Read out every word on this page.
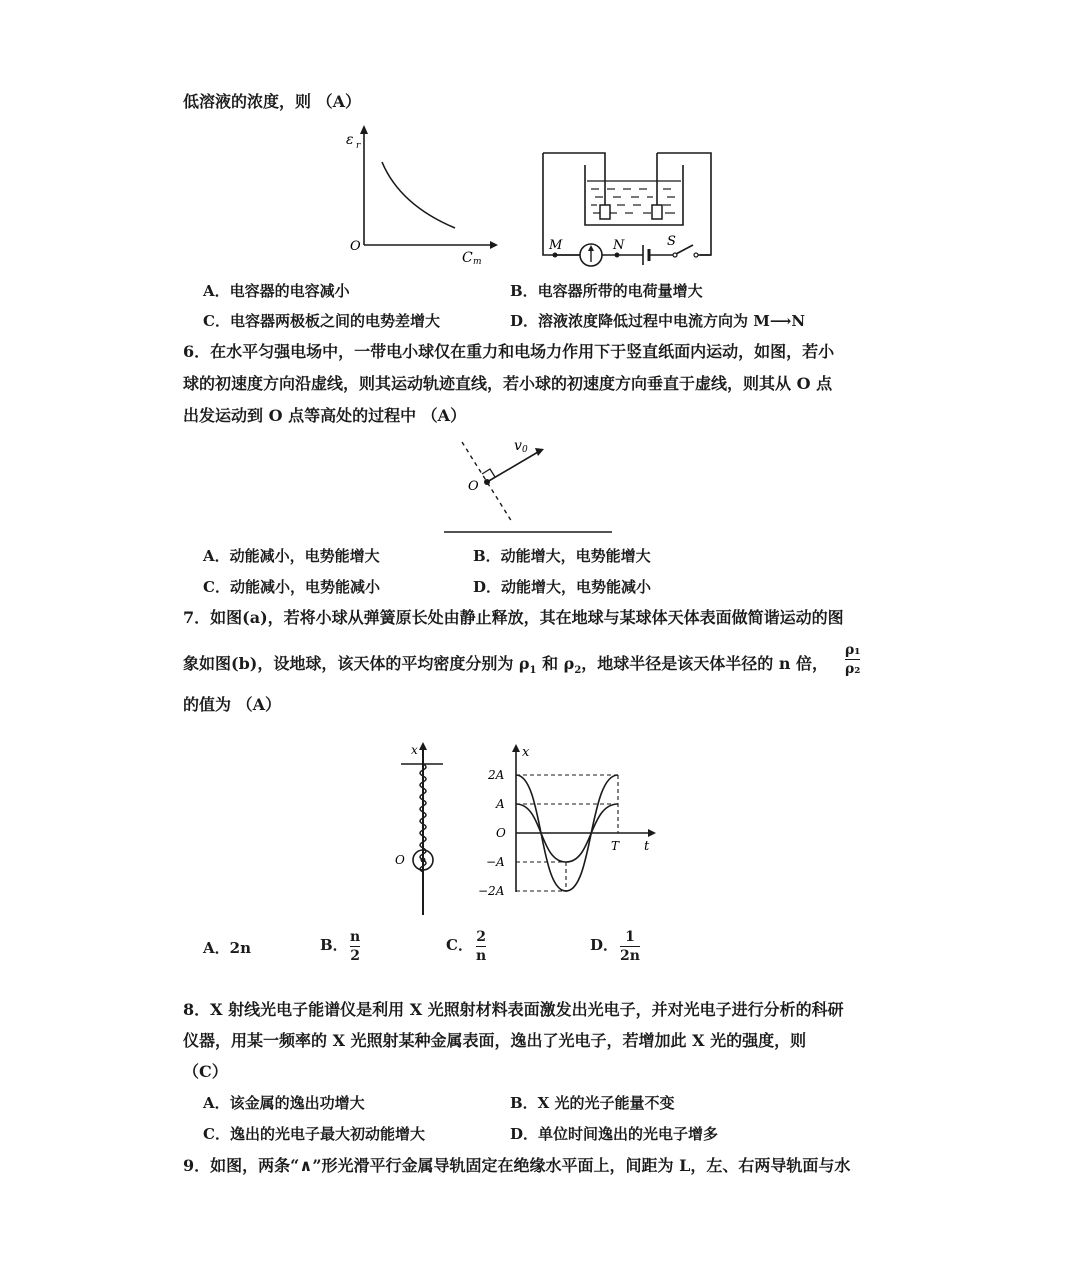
低溶液的浓度，则 （A）
ε r
O
C m
M	N	S
A．电容器的电容减小	B．电容器所带的电荷量增大
C．电容器两极板之间的电势差增大	D．溶液浓度降低过程中电流方向为 M⟶N
6．在水平匀强电场中，一带电小球仅在重力和电场力作用下于竖直纸面内运动，如图，若小
球的初速度方向沿虚线，则其运动轨迹直线，若小球的初速度方向垂直于虚线，则其从 O 点
出发运动到 O 点等高处的过程中 （A）
v 0
O
A．动能减小，电势能增大	B．动能增大，电势能增大
C．动能减小，电势能减小	D．动能增大，电势能减小
7．如图(a)，若将小球从弹簧原长处由静止释放，其在地球与某球体天体表面做简谐运动的图
象如图(b)，设地球，该天体的平均密度分别为 $\rho_1$ 和 $\rho_2$，地球半径是该天体半径的 n 倍，
ρ₁
ρ₂
的值为 （A）
x
O
x
t
T
2A
A
O
−A
−2A
A．2n	B． n
2
C． 2
n
D． 1
2n
8．X 射线光电子能谱仪是利用 X 光照射材料表面激发出光电子，并对光电子进行分析的科研
仪器，用某一频率的 X 光照射某种金属表面，逸出了光电子，若增加此 X 光的强度，则
（C）
A．该金属的逸出功增大	B．X 光的光子能量不变
C．逸出的光电子最大初动能增大	D．单位时间逸出的光电子增多
9．如图，两条“∧”形光滑平行金属导轨固定在绝缘水平面上，间距为 L，左、右两导轨面与水
